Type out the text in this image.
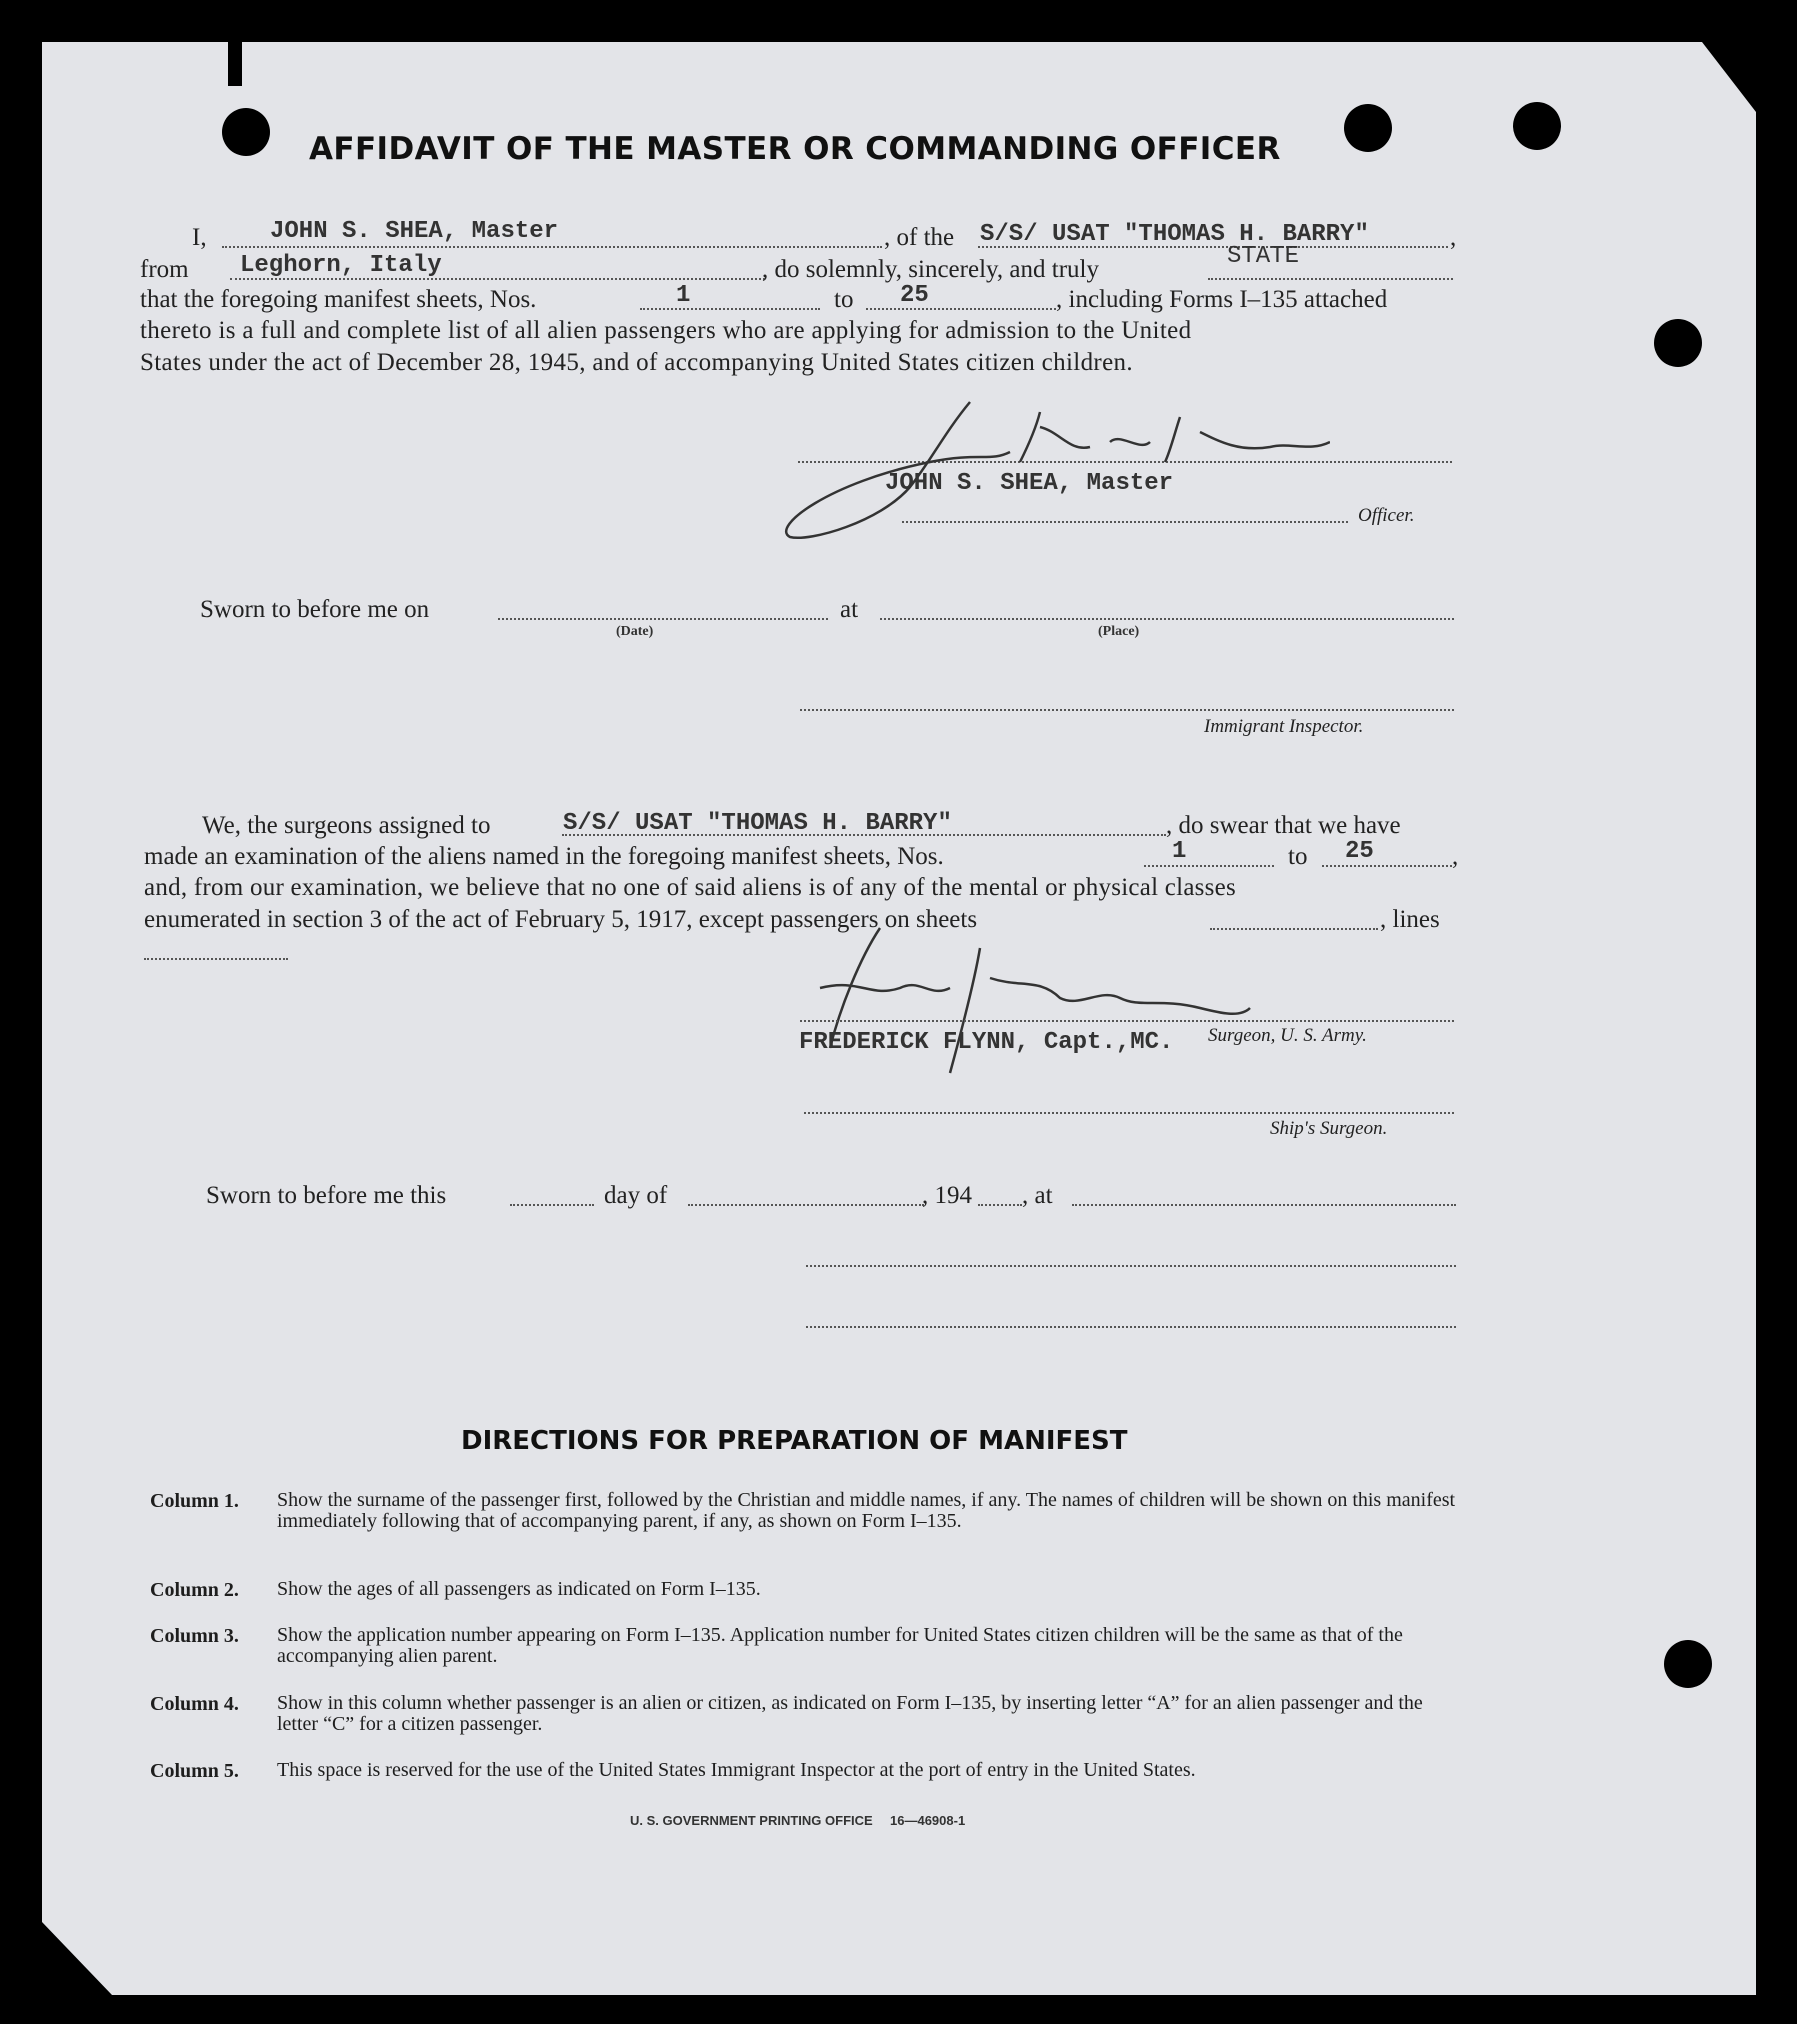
AFFIDAVIT OF THE MASTER OR COMMANDING OFFICER
I,	JOHN S. SHEA, Master	, of the S/S/ USAT "THOMAS H. BARRY"	,
from Leghorn, Italy	, do solemnly, sincerely, and truly	STATE
that the foregoing manifest sheets, Nos.	1	to 25	, including Forms I–135 attached
thereto is a full and complete list of all alien passengers who are applying for admission to the United
States under the act of December 28, 1945, and of accompanying United States citizen children.
JOHN S. SHEA, Master
Officer.
Sworn to before me on	at
(Date)	(Place)
Immigrant Inspector.
We, the surgeons assigned to	S/S/ USAT "THOMAS H. BARRY"	, do swear that we have
made an examination of the aliens named in the foregoing manifest sheets, Nos.	1	to 25	,
and, from our examination, we believe that no one of said aliens is of any of the mental or physical classes
enumerated in section 3 of the act of February 5, 1917, except passengers on sheets	, lines
FREDERICK FLYNN, Capt.,MC. Surgeon, U. S. Army.
Ship's Surgeon.
Sworn to before me this	day of	, 194 , at
DIRECTIONS FOR PREPARATION OF MANIFEST
Column 1. Show the surname of the passenger first, followed by the Christian and middle names, if any. The names of children will be shown on this manifest immediately following that of accompanying parent, if any, as shown on Form I–135.
Column 2. Show the ages of all passengers as indicated on Form I–135.
Column 3. Show the application number appearing on Form I–135. Application number for United States citizen children will be the same as that of the accompanying alien parent.
Column 4. Show in this column whether passenger is an alien or citizen, as indicated on Form I–135, by inserting letter “A” for an alien passenger and the letter “C” for a citizen passenger.
Column 5. This space is reserved for the use of the United States Immigrant Inspector at the port of entry in the United States.
U. S. GOVERNMENT PRINTING OFFICE 16—46908-1
